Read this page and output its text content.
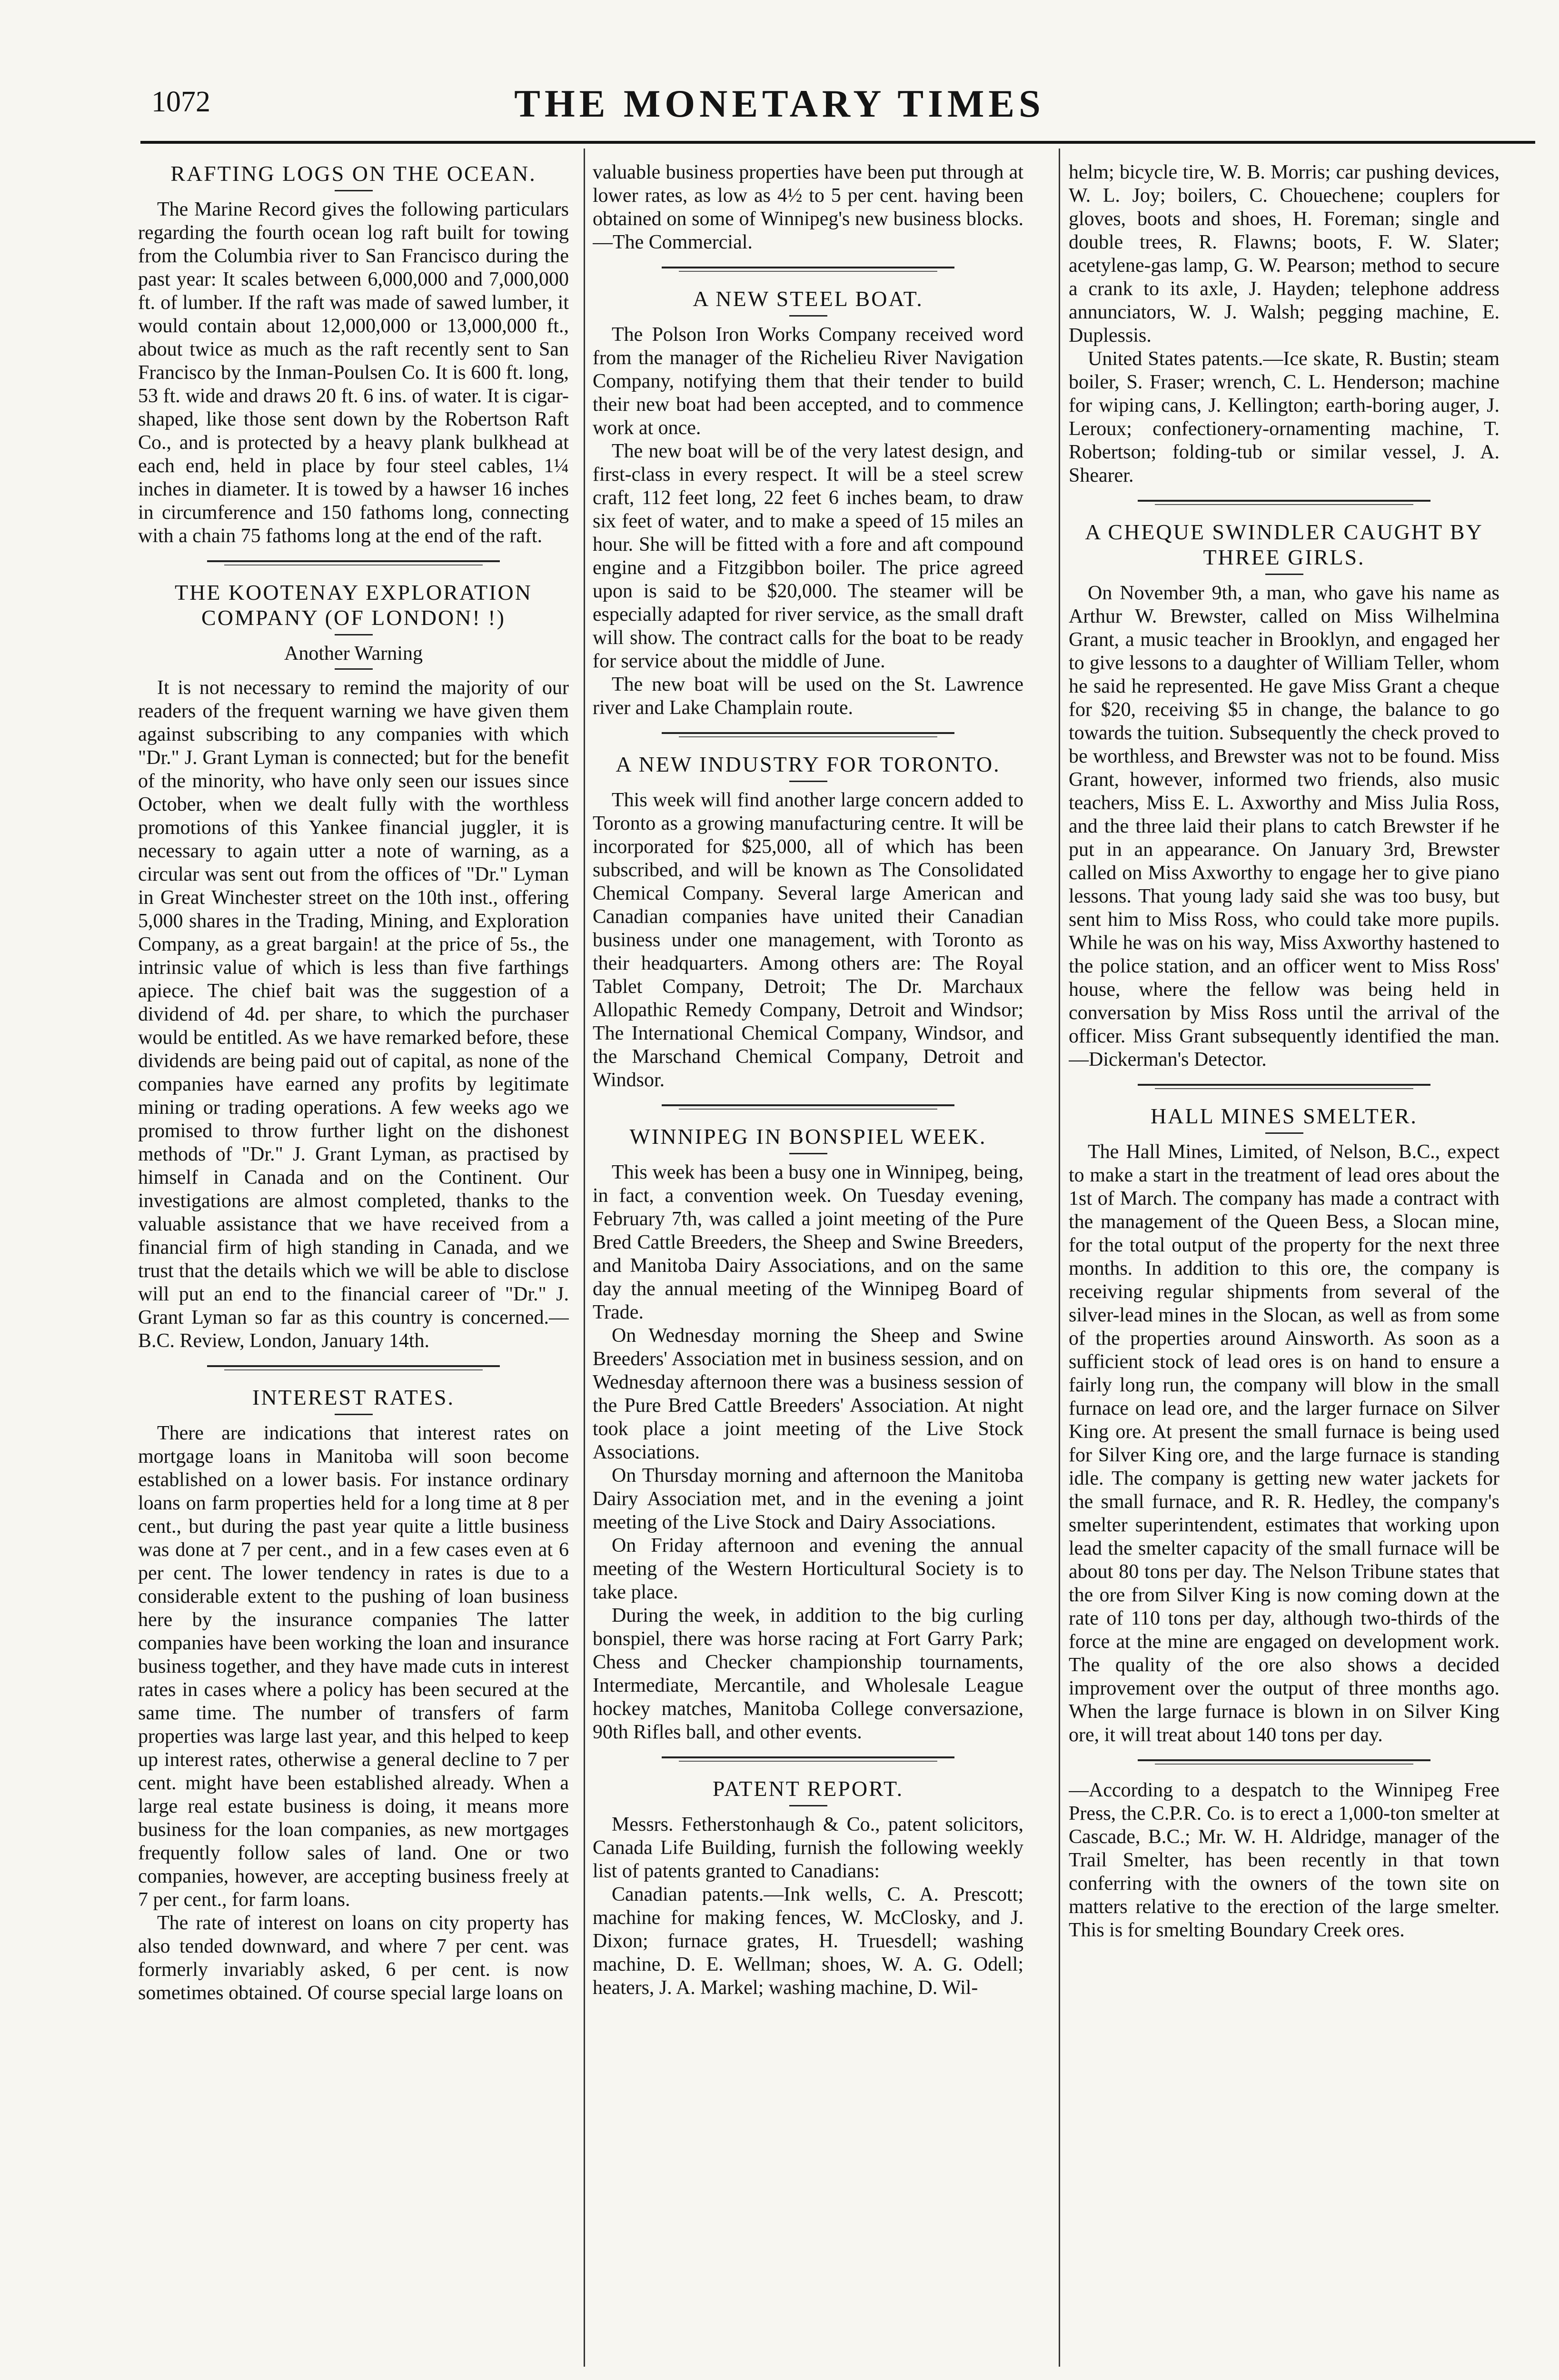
1072	THE MONETARY TIMES
RAFTING LOGS ON THE OCEAN.

The Marine Record gives the following particulars regarding the fourth ocean log raft built for towing from the Columbia river to San Francisco during the past year: It scales between 6,000,000 and 7,000,000 ft. of lumber. If the raft was made of sawed lumber, it would contain about 12,000,000 or 13,000,000 ft., about twice as much as the raft recently sent to San Francisco by the Inman-Poulsen Co. It is 600 ft. long, 53 ft. wide and draws 20 ft. 6 ins. of water. It is cigar-shaped, like those sent down by the Robertson Raft Co., and is protected by a heavy plank bulkhead at each end, held in place by four steel cables, 1¼ inches in diameter. It is towed by a hawser 16 inches in circumference and 150 fathoms long, connecting with a chain 75 fathoms long at the end of the raft.

THE KOOTENAY EXPLORATION COMPANY (OF LONDON! !)
Another Warning

It is not necessary to remind the majority of our readers of the frequent warning we have given them against subscribing to any companies with which "Dr." J. Grant Lyman is connected; but for the benefit of the minority, who have only seen our issues since October, when we dealt fully with the worthless promotions of this Yankee financial juggler, it is necessary to again utter a note of warning, as a circular was sent out from the offices of "Dr." Lyman in Great Winchester street on the 10th inst., offering 5,000 shares in the Trading, Mining, and Exploration Company, as a great bargain! at the price of 5s., the intrinsic value of which is less than five farthings apiece. The chief bait was the suggestion of a dividend of 4d. per share, to which the purchaser would be entitled. As we have remarked before, these dividends are being paid out of capital, as none of the companies have earned any profits by legitimate mining or trading operations. A few weeks ago we promised to throw further light on the dishonest methods of "Dr." J. Grant Lyman, as practised by himself in Canada and on the Continent. Our investigations are almost completed, thanks to the valuable assistance that we have received from a financial firm of high standing in Canada, and we trust that the details which we will be able to disclose will put an end to the financial career of "Dr." J. Grant Lyman so far as this country is concerned.—B.C. Review, London, January 14th.

INTEREST RATES.

There are indications that interest rates on mortgage loans in Manitoba will soon become established on a lower basis. For instance ordinary loans on farm properties held for a long time at 8 per cent., but during the past year quite a little business was done at 7 per cent., and in a few cases even at 6 per cent. The lower tendency in rates is due to a considerable extent to the pushing of loan business here by the insurance companies The latter companies have been working the loan and insurance business together, and they have made cuts in interest rates in cases where a policy has been secured at the same time. The number of transfers of farm properties was large last year, and this helped to keep up interest rates, otherwise a general decline to 7 per cent. might have been established already. When a large real estate business is doing, it means more business for the loan companies, as new mortgages frequently follow sales of land. One or two companies, however, are accepting business freely at 7 per cent., for farm loans.

The rate of interest on loans on city property has also tended downward, and where 7 per cent. was formerly invariably asked, 6 per cent. is now sometimes obtained. Of course special large loans on

valuable business properties have been put through at lower rates, as low as 4½ to 5 per cent. having been obtained on some of Winnipeg's new business blocks.—The Commercial.

A NEW STEEL BOAT.

The Polson Iron Works Company received word from the manager of the Richelieu River Navigation Company, notifying them that their tender to build their new boat had been accepted, and to commence work at once.

The new boat will be of the very latest design, and first-class in every respect. It will be a steel screw craft, 112 feet long, 22 feet 6 inches beam, to draw six feet of water, and to make a speed of 15 miles an hour. She will be fitted with a fore and aft compound engine and a Fitzgibbon boiler. The price agreed upon is said to be $20,000. The steamer will be especially adapted for river service, as the small draft will show. The contract calls for the boat to be ready for service about the middle of June.

The new boat will be used on the St. Lawrence river and Lake Champlain route.

A NEW INDUSTRY FOR TORONTO.

This week will find another large concern added to Toronto as a growing manufacturing centre. It will be incorporated for $25,000, all of which has been subscribed, and will be known as The Consolidated Chemical Company. Several large American and Canadian companies have united their Canadian business under one management, with Toronto as their headquarters. Among others are: The Royal Tablet Company, Detroit; The Dr. Marchaux Allopathic Remedy Company, Detroit and Windsor; The International Chemical Company, Windsor, and the Marschand Chemical Company, Detroit and Windsor.

WINNIPEG IN BONSPIEL WEEK.

This week has been a busy one in Winnipeg, being, in fact, a convention week. On Tuesday evening, February 7th, was called a joint meeting of the Pure Bred Cattle Breeders, the Sheep and Swine Breeders, and Manitoba Dairy Associations, and on the same day the annual meeting of the Winnipeg Board of Trade.

On Wednesday morning the Sheep and Swine Breeders' Association met in business session, and on Wednesday afternoon there was a business session of the Pure Bred Cattle Breeders' Association. At night took place a joint meeting of the Live Stock Associations.

On Thursday morning and afternoon the Manitoba Dairy Association met, and in the evening a joint meeting of the Live Stock and Dairy Associations.

On Friday afternoon and evening the annual meeting of the Western Horticultural Society is to take place.

During the week, in addition to the big curling bonspiel, there was horse racing at Fort Garry Park; Chess and Checker championship tournaments, Intermediate, Mercantile, and Wholesale League hockey matches, Manitoba College conversazione, 90th Rifles ball, and other events.

PATENT REPORT.

Messrs. Fetherstonhaugh & Co., patent solicitors, Canada Life Building, furnish the following weekly list of patents granted to Canadians:

Canadian patents.—Ink wells, C. A. Prescott; machine for making fences, W. McClosky, and J. Dixon; furnace grates, H. Truesdell; washing machine, D. E. Wellman; shoes, W. A. G. Odell; heaters, J. A. Markel; washing machine, D. Wil-

helm; bicycle tire, W. B. Morris; car pushing devices, W. L. Joy; boilers, C. Chouechene; couplers for gloves, boots and shoes, H. Foreman; single and double trees, R. Flawns; boots, F. W. Slater; acetylene-gas lamp, G. W. Pearson; method to secure a crank to its axle, J. Hayden; telephone address annunciators, W. J. Walsh; pegging machine, E. Duplessis.

United States patents.—Ice skate, R. Bustin; steam boiler, S. Fraser; wrench, C. L. Henderson; machine for wiping cans, J. Kellington; earth-boring auger, J. Leroux; confectionery-ornamenting machine, T. Robertson; folding-tub or similar vessel, J. A. Shearer.

A CHEQUE SWINDLER CAUGHT BY THREE GIRLS.

On November 9th, a man, who gave his name as Arthur W. Brewster, called on Miss Wilhelmina Grant, a music teacher in Brooklyn, and engaged her to give lessons to a daughter of William Teller, whom he said he represented. He gave Miss Grant a cheque for $20, receiving $5 in change, the balance to go towards the tuition. Subsequently the check proved to be worthless, and Brewster was not to be found. Miss Grant, however, informed two friends, also music teachers, Miss E. L. Axworthy and Miss Julia Ross, and the three laid their plans to catch Brewster if he put in an appearance. On January 3rd, Brewster called on Miss Axworthy to engage her to give piano lessons. That young lady said she was too busy, but sent him to Miss Ross, who could take more pupils. While he was on his way, Miss Axworthy hastened to the police station, and an officer went to Miss Ross' house, where the fellow was being held in conversation by Miss Ross until the arrival of the officer. Miss Grant subsequently identified the man.—Dickerman's Detector.

HALL MINES SMELTER.

The Hall Mines, Limited, of Nelson, B.C., expect to make a start in the treatment of lead ores about the 1st of March. The company has made a contract with the management of the Queen Bess, a Slocan mine, for the total output of the property for the next three months. In addition to this ore, the company is receiving regular shipments from several of the silver-lead mines in the Slocan, as well as from some of the properties around Ainsworth. As soon as a sufficient stock of lead ores is on hand to ensure a fairly long run, the company will blow in the small furnace on lead ore, and the larger furnace on Silver King ore. At present the small furnace is being used for Silver King ore, and the large furnace is standing idle. The company is getting new water jackets for the small furnace, and R. R. Hedley, the company's smelter superintendent, estimates that working upon lead the smelter capacity of the small furnace will be about 80 tons per day. The Nelson Tribune states that the ore from Silver King is now coming down at the rate of 110 tons per day, although two-thirds of the force at the mine are engaged on development work. The quality of the ore also shows a decided improvement over the output of three months ago. When the large furnace is blown in on Silver King ore, it will treat about 140 tons per day.

—According to a despatch to the Winnipeg Free Press, the C.P.R. Co. is to erect a 1,000-ton smelter at Cascade, B.C.; Mr. W. H. Aldridge, manager of the Trail Smelter, has been recently in that town conferring with the owners of the town site on matters relative to the erection of the large smelter. This is for smelting Boundary Creek ores.
